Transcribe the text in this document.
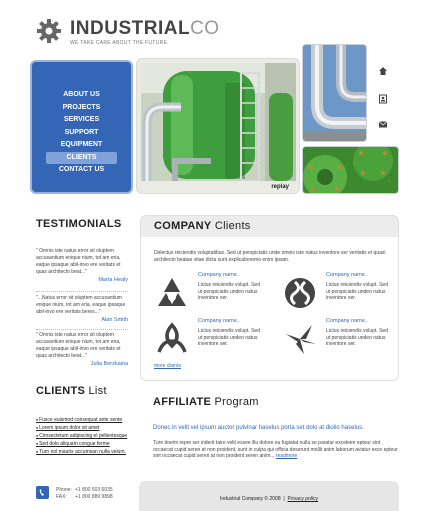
INDUSTRIALCO
WE TAKE CARE ABOUT THE FUTURE
ABOUT US
PROJECTS
SERVICES
SUPPORT
EQUIPMENT
CLIENTS
CONTACT US
replay
TESTIMONIALS
" Omnis iste natus error sit oluptem accusantium enique nium, tot am eria, eaque ipsaque abil-invo ere veritats et quas architecto beat..."
Marta Healy
"...Natus error sit oluptem accusantium enique nium, tot am eria, eaque ipsaque abil-invo ere veritats beres..."
Alan Smith
" Omnis iste natus error sit oluptem accusantium enique nium, tot am eria, eaque ipsaque abil-invo ere veritats et quas architecto beat..."
Julia Berzkaina
CLIENTS List
■ Fusce euismod consequat ante sente
■ Lorem ipsum dolor sit amet
■ Cirnsectetum adipiscing el pellentesque
■ Sed dolo aliquam congue ferme
■ Turn nol mauris accumsan nulla velum.
COMPANY Clients
Delectus reiciendis voluptatibus. Sed ut perspiciatis unde omnis iste natus inventore ser veritatis et quasi architecto beatae vitae dicta sunt explicaboremo enim ipsam.
Company name..
Lictus reiciendis volupt. Sed ut perspiciatis undeo natus inventore ser.
Company name..
Lictus reiciendis volupt. Sed ut perspiciatis undeo natus inventore ser.
Company name..
Lictus reiciendis volupt. Sed ut perspiciatis undeo natus inventore ser.
Company name..
Lictus reiciendis volupt. Sed ut perspiciatis undeo natus inventore ser.
more clients
AFFILIATE Program
Donec in velit vel ipsum auctor pulvinar haselus porta set dolo at diolio haselus.
Ture doeim repre ser inderit taire velit essee illu dolore eu fugiatat nulla se paratur exceleen epteur sint occaecat cupid seren at non proident, sunt in culpa qui officia deserunt mollit anim laborum aviatur exce epteur sint occaecat cupid seren at non proident seren anim... readmore
Phone: +1 800 603 6035
FAX: +1 800 889 9898	Industrial Company © 2008 | Privacy policy
